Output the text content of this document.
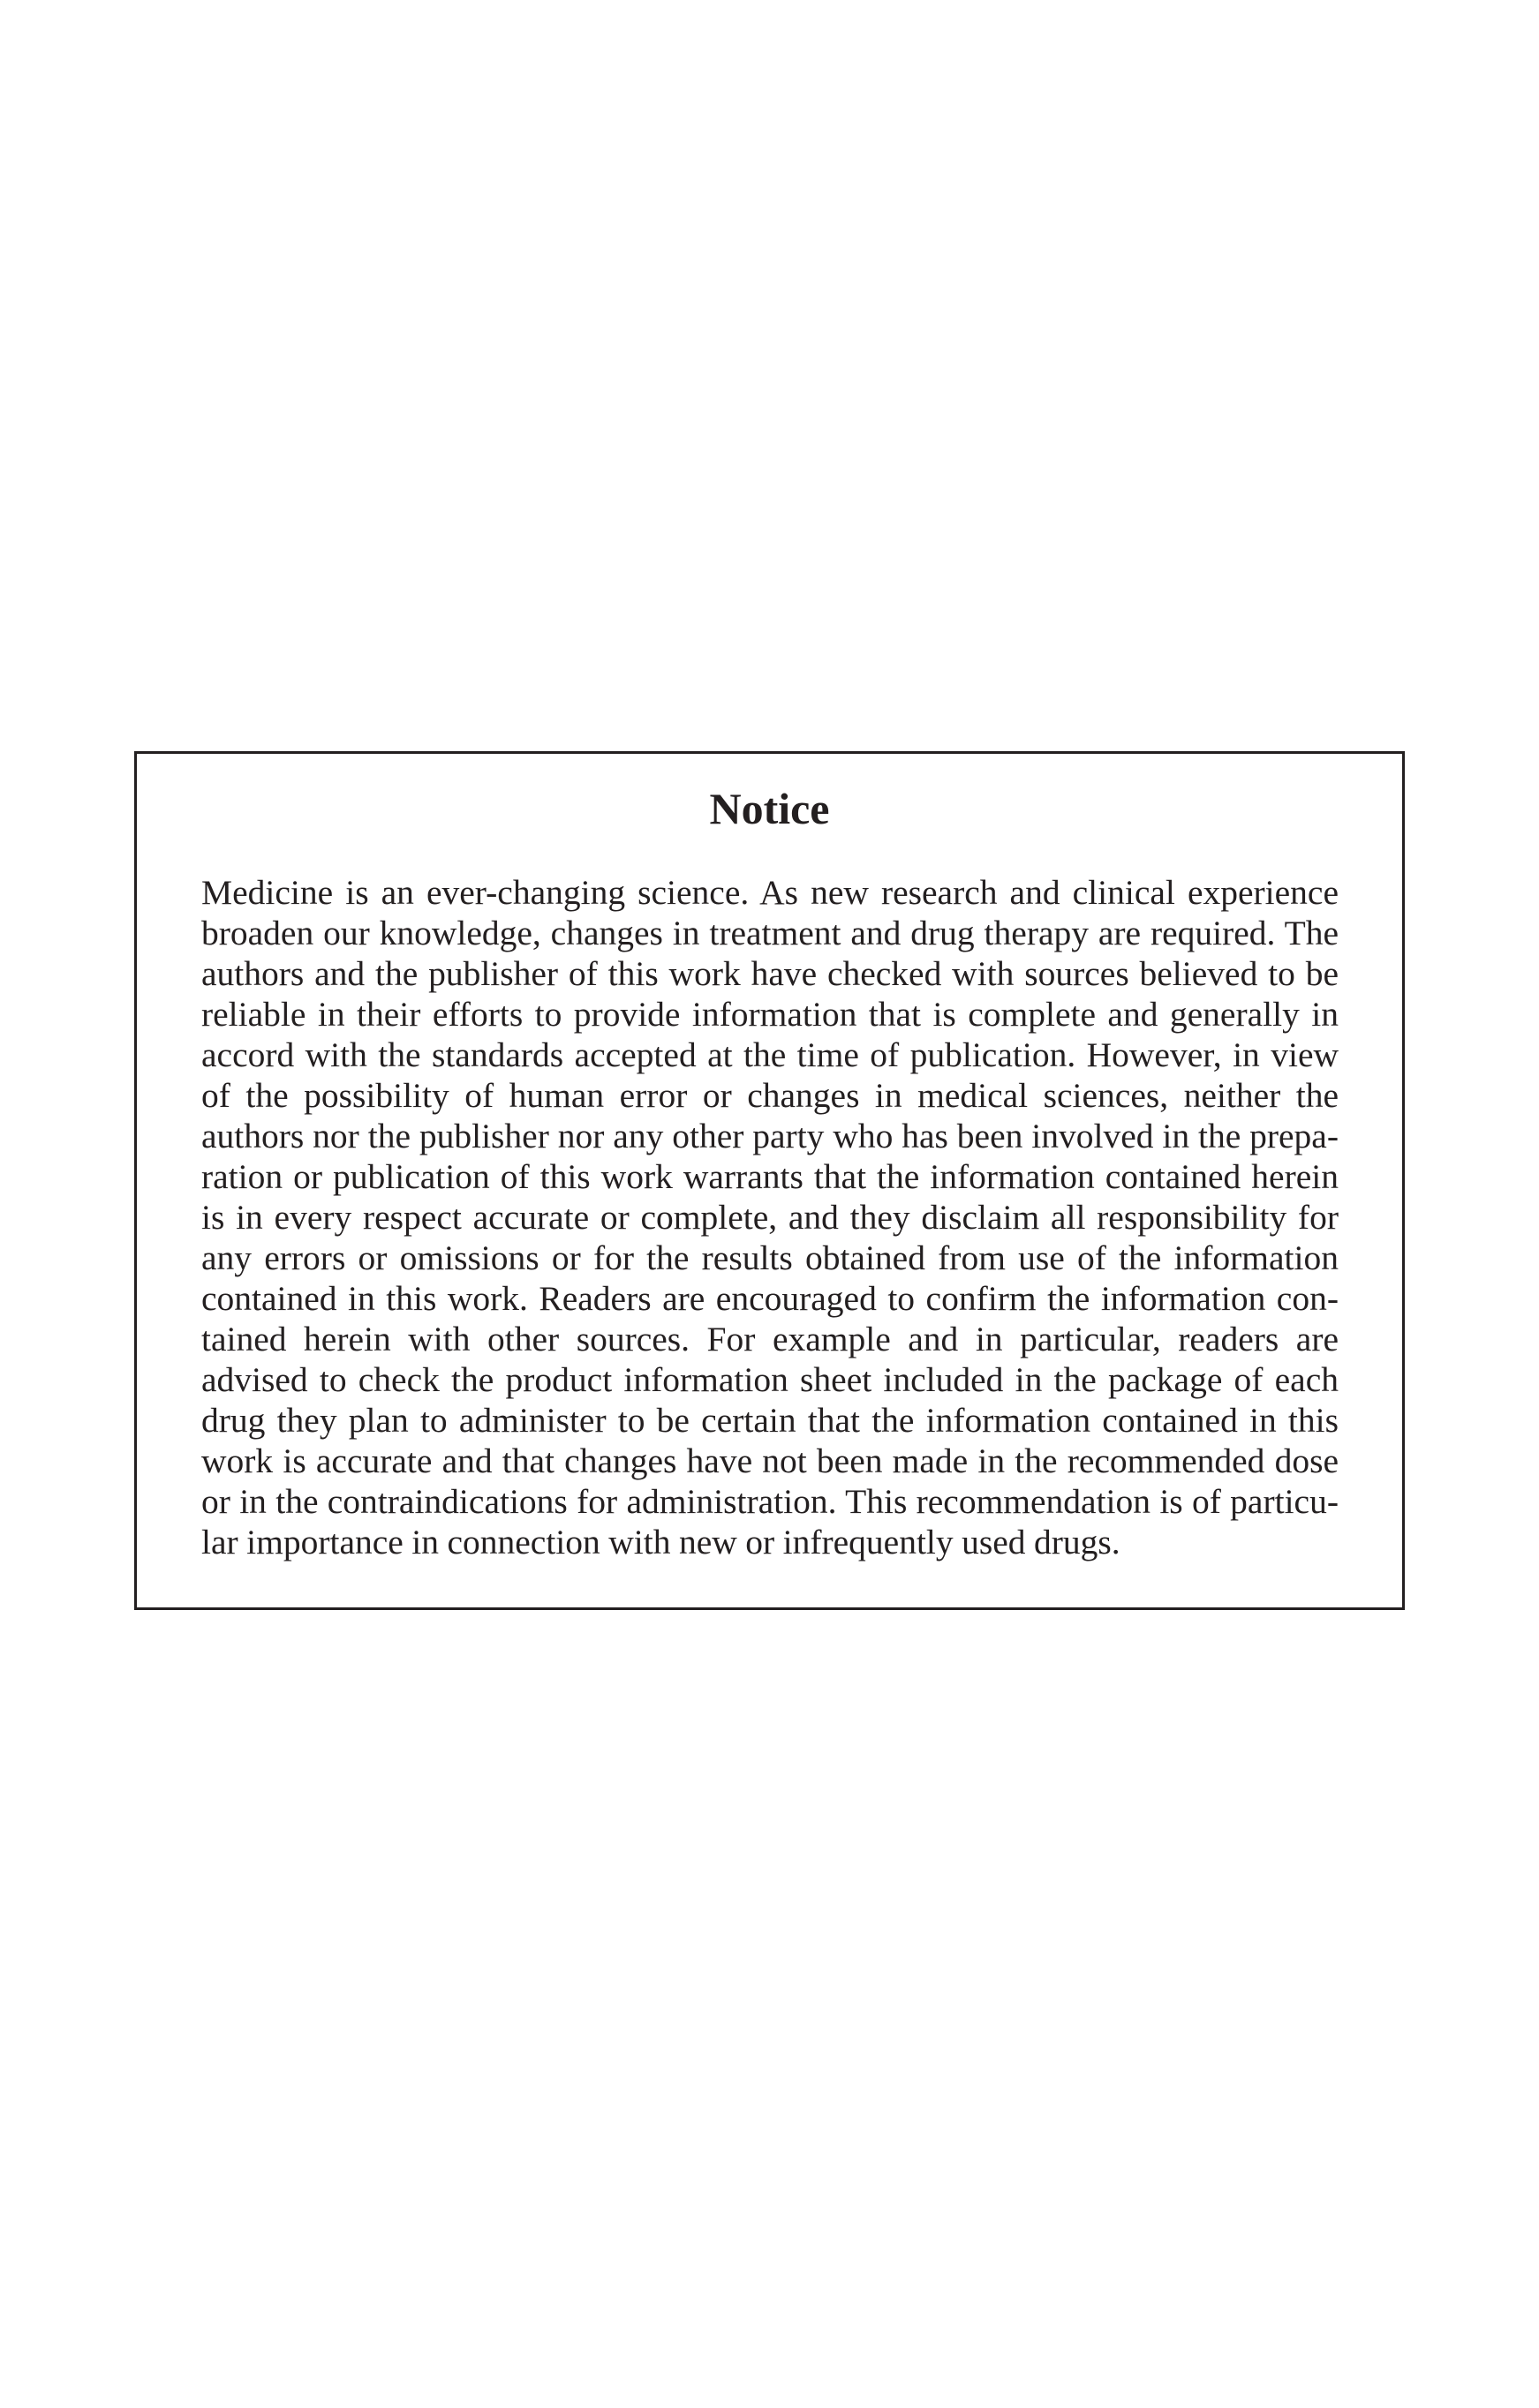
Notice
Medicine is an ever-changing science. As new research and clinical experience
broaden our knowledge, changes in treatment and drug therapy are required. The
authors and the publisher of this work have checked with sources believed to be
reliable in their efforts to provide information that is complete and generally in
accord with the standards accepted at the time of publication. However, in view
of the possibility of human error or changes in medical sciences, neither the
authors nor the publisher nor any other party who has been involved in the prepa-
ration or publication of this work warrants that the information contained herein
is in every respect accurate or complete, and they disclaim all responsibility for
any errors or omissions or for the results obtained from use of the information
contained in this work. Readers are encouraged to confirm the information con-
tained herein with other sources. For example and in particular, readers are
advised to check the product information sheet included in the package of each
drug they plan to administer to be certain that the information contained in this
work is accurate and that changes have not been made in the recommended dose
or in the contraindications for administration. This recommendation is of particu-
lar importance in connection with new or infrequently used drugs.
